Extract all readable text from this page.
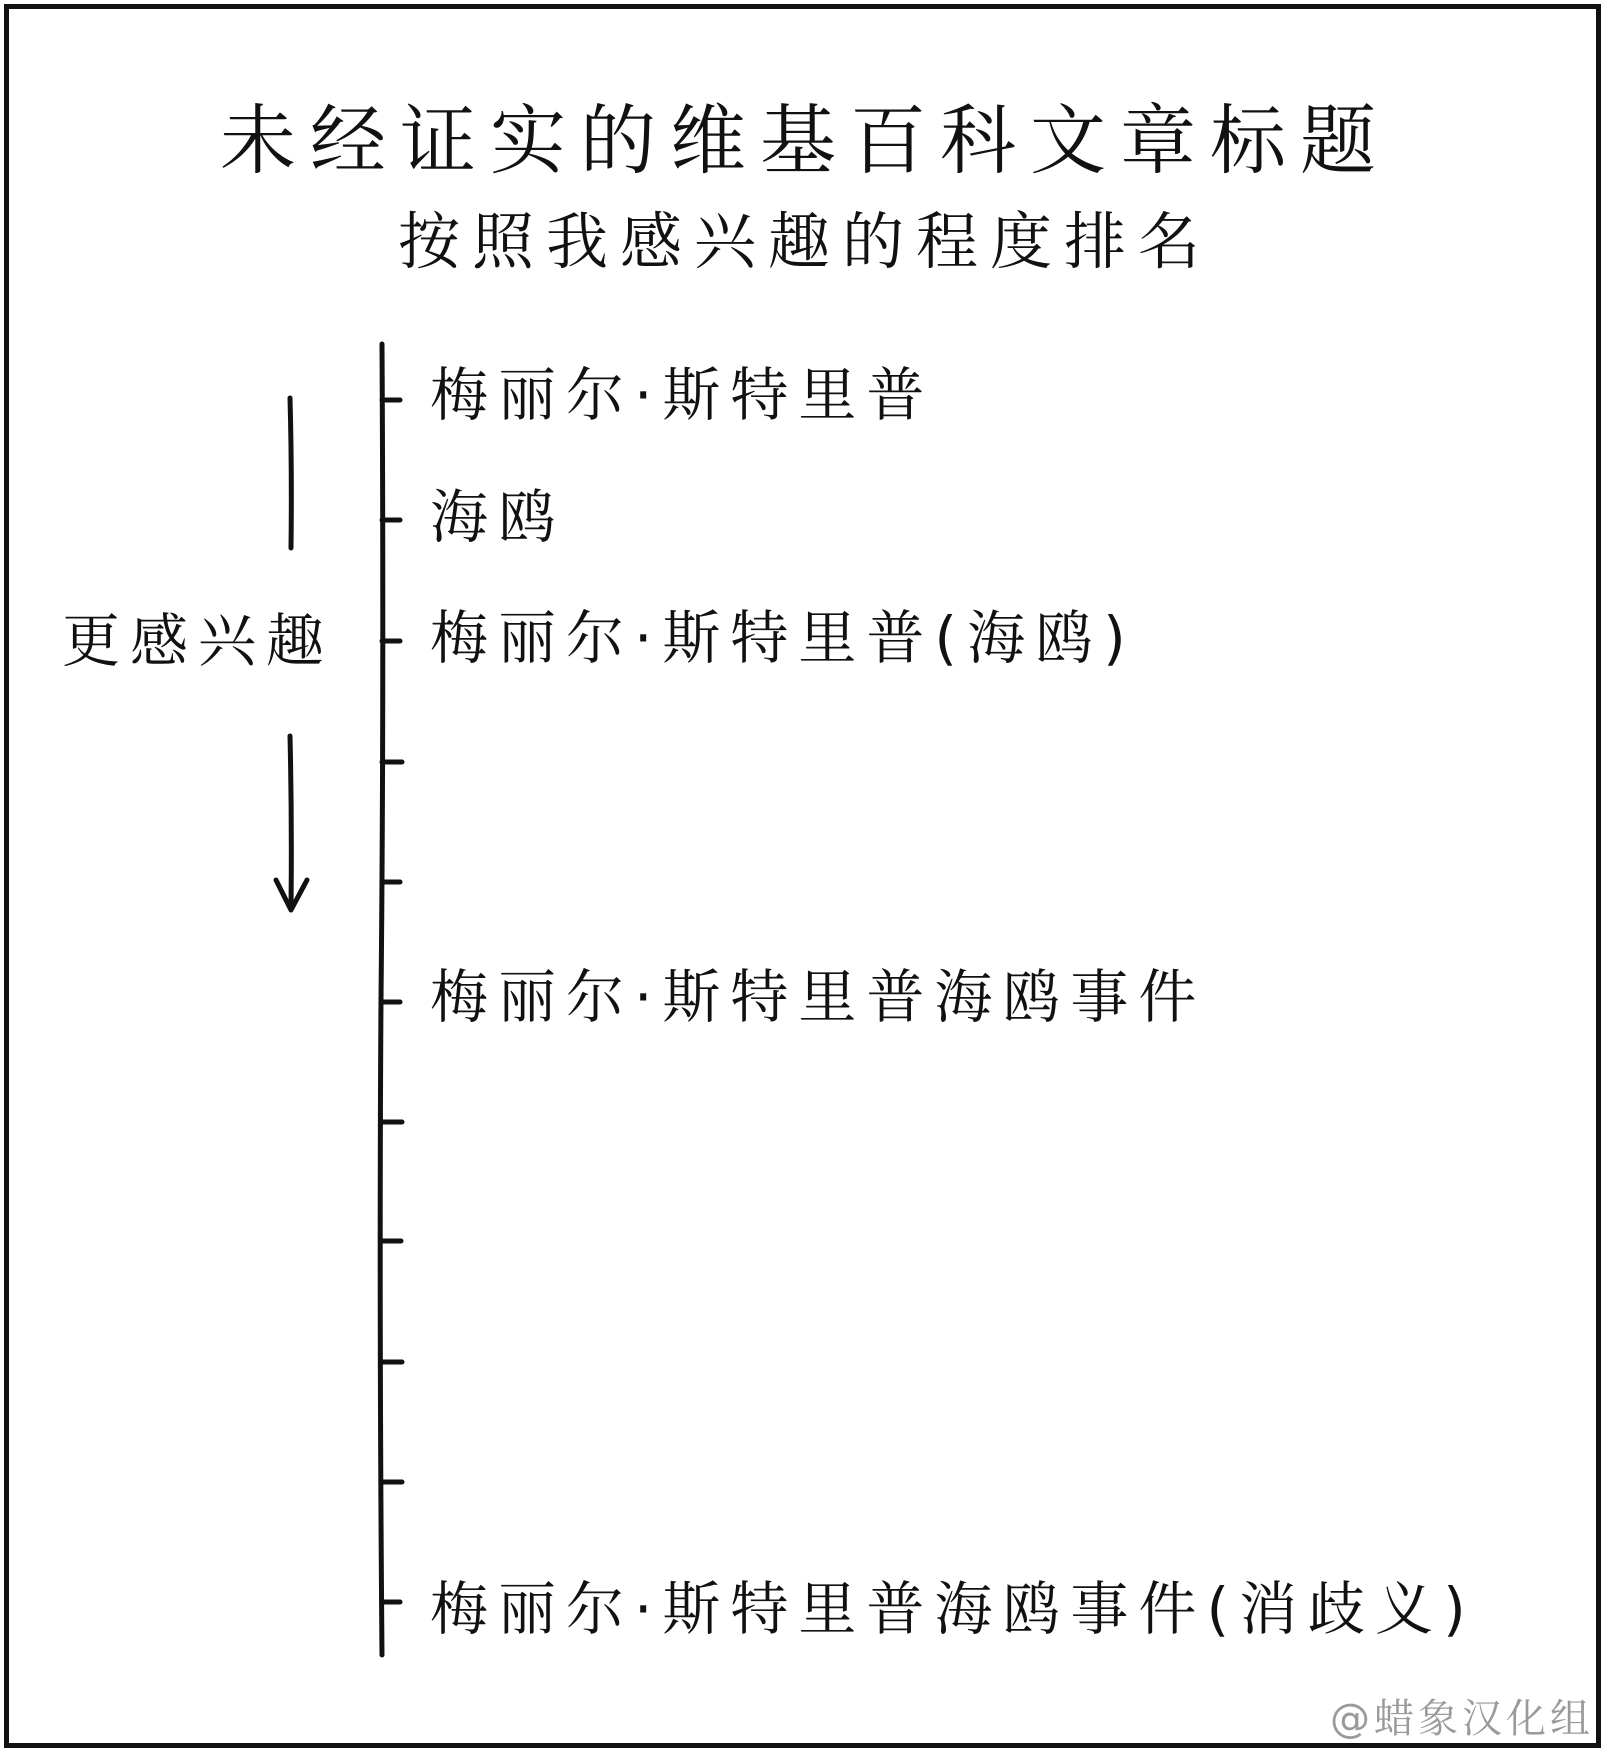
未经证实的维基百科文章标题
按照我感兴趣的程度排名
更感兴趣
梅丽尔·斯特里普
海鸥
梅丽尔·斯特里普(海鸥)
梅丽尔·斯特里普海鸥事件
梅丽尔·斯特里普海鸥事件(消歧义)
@蜡象汉化组
